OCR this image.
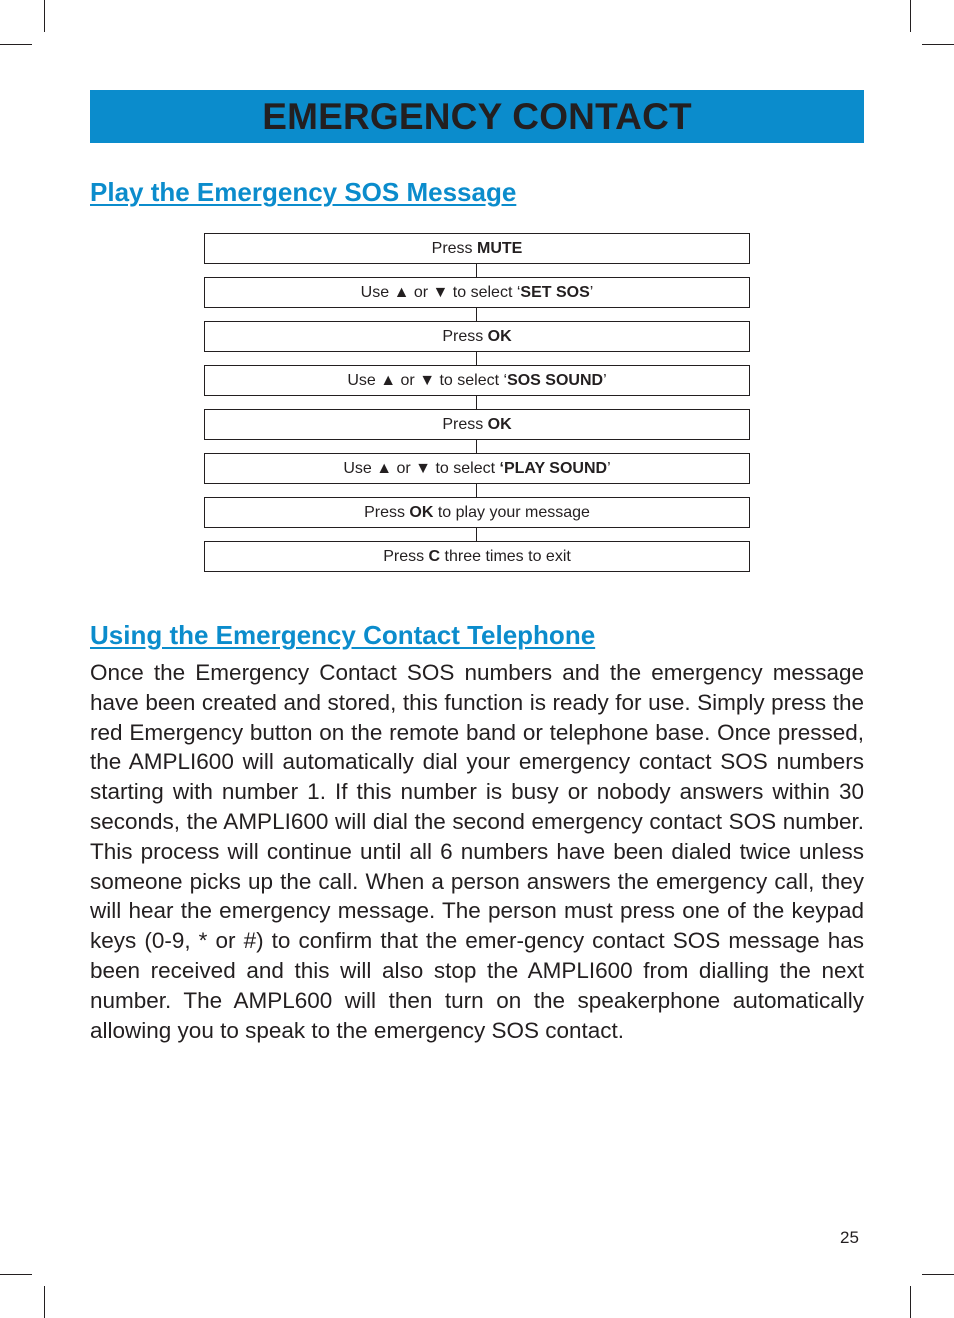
EMERGENCY CONTACT
Play the Emergency SOS Message
Press MUTE
Use ▲ or ▼ to select ‘SET SOS’
Press OK
Use ▲ or ▼ to select ‘SOS SOUND’
Press OK
Use ▲ or ▼ to select ‘PLAY SOUND’
Press OK to play your message
Press C three times to exit
Using the Emergency Contact Telephone
Once the Emergency Contact SOS numbers and the emergency message have been created and stored, this function is ready for use. Simply press the red Emergency button on the remote band or telephone base. Once pressed, the AMPLI600 will automatically dial your emergency contact SOS numbers starting with number 1. If this number is busy or nobody answers within 30 seconds, the AMPLI600 will dial the second emergency contact SOS number. This process will continue until all 6 numbers have been dialed twice unless someone picks up the call. When a person answers the emergency call, they will hear the emergency message. The person must press one of the keypad keys (0-9, * or #) to confirm that the emer-gency contact SOS message has been received and this will also stop the AMPLI600 from dialling the next number. The AMPL600 will then turn on the speakerphone automatically allowing you to speak to the emergency SOS contact.
25
